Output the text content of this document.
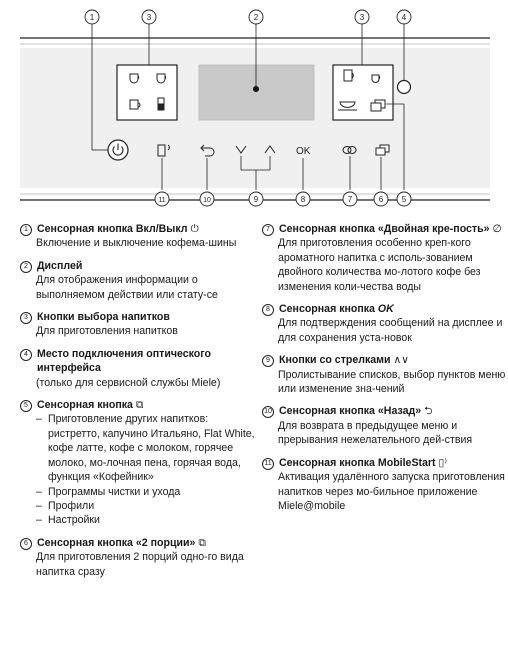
OK
1	3	2	3	4
11	10	9	8	7	6 5
1 Сенсорная кнопка Вкл/Выкл ⏻

Включение и выключение кофема-шины

2 Дисплей

Для отображения информации о выполняемом действии или стату-се

3 Кнопки выбора напитков

Для приготовления напитков

4 Место подключения оптического интерфейса

(только для сервисной службы Miele)

5 Сенсорная кнопка ⧉
– Приготовление других напитков: ристретто, капучино Итальяно, Flat White, кофе латте, кофе с молоком, горячее молоко, мо-лочная пена, горячая вода, функция «Кофейник»
– Программы чистки и ухода
– Профили
– Настройки
6 Сенсорная кнопка «2 порции» ⧉

Для приготовления 2 порций одно-го вида напитка сразу

7 Сенсорная кнопка «Двойная кре-пость» ∅

Для приготовления особенно креп-кого ароматного напитка с исполь-зованием двойного количества мо-лотого кофе без изменения коли-чества воды

8 Сенсорная кнопка OK

Для подтверждения сообщений на дисплее и для сохранения уста-новок

9 Кнопки со стрелками ∧∨

Пролистывание списков, выбор пунктов меню или изменение зна-чений

10 Сенсорная кнопка «Назад» ⮌

Для возврата в предыдущее меню и прерывания нежелательного дей-ствия

11 Сенсорная кнопка MobileStart ▯⁾

Активация удалённого запуска приготовления напитков через мо-бильное приложение Miele@mobile
